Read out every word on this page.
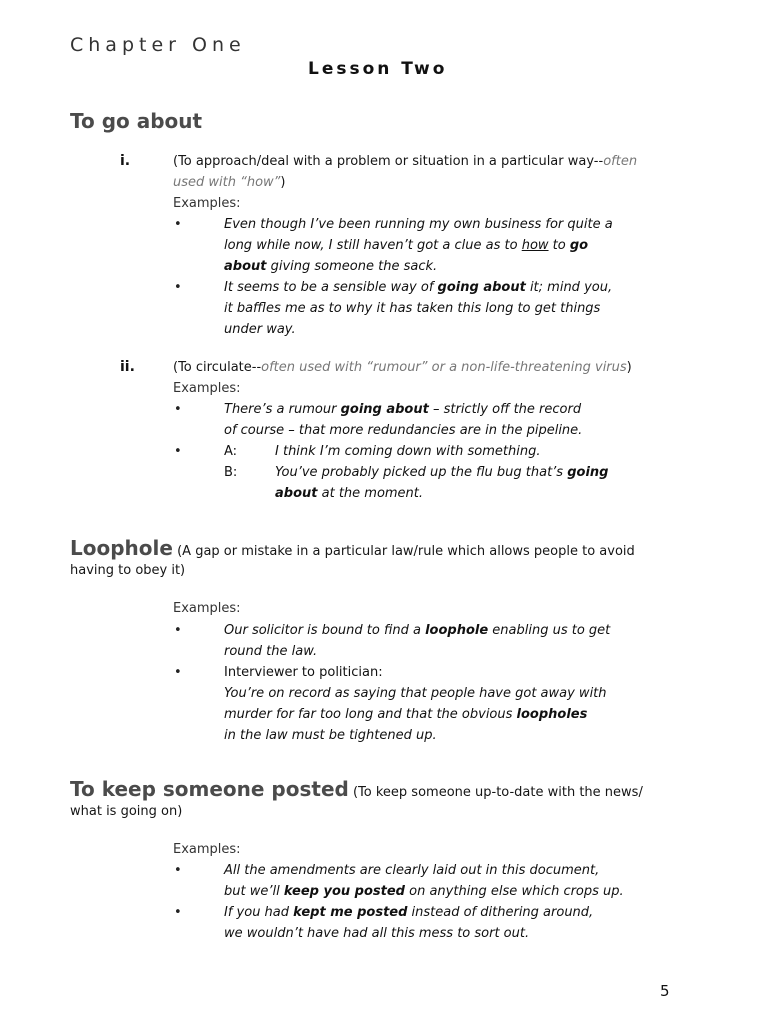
Chapter One
Lesson Two
To go about
i.	(To approach/deal with a problem or situation in a particular way--often
used with “how”)
Examples:
•	Even though I’ve been running my own business for quite a
long while now, I still haven’t got a clue as to how to go
about giving someone the sack.
•	It seems to be a sensible way of going about it; mind you,
it baffles me as to why it has taken this long to get things
under way.
ii.	(To circulate--often used with “rumour” or a non-life-threatening virus)
Examples:
•	There’s a rumour going about – strictly off the record
of course – that more redundancies are in the pipeline.
•	A:	I think I’m coming down with something.
B:	You’ve probably picked up the flu bug that’s going
about at the moment.
Loophole (A gap or mistake in a particular law/rule which allows people to avoid
having to obey it)
Examples:
•	Our solicitor is bound to find a loophole enabling us to get
round the law.
•	Interviewer to politician:
You’re on record as saying that people have got away with
murder for far too long and that the obvious loopholes
in the law must be tightened up.
To keep someone posted (To keep someone up-to-date with the news/
what is going on)
Examples:
•	All the amendments are clearly laid out in this document,
but we’ll keep you posted on anything else which crops up.
•	If you had kept me posted instead of dithering around,
we wouldn’t have had all this mess to sort out.
5
